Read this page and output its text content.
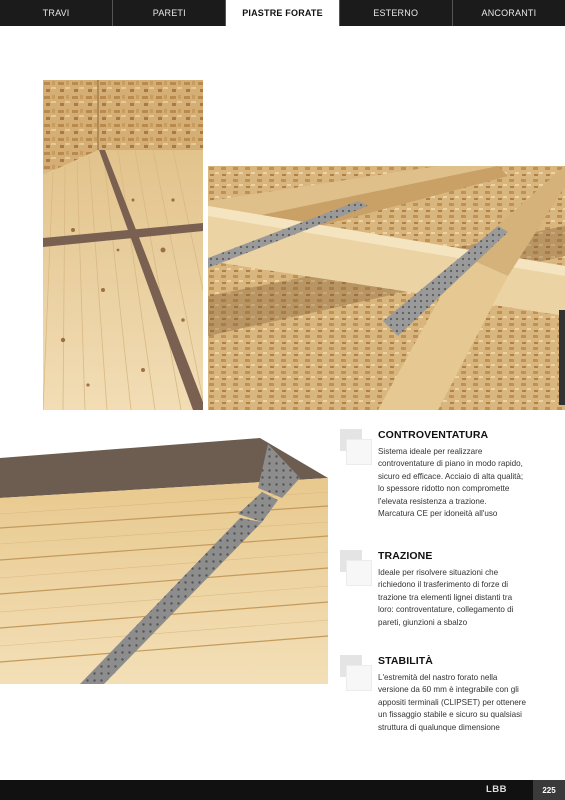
TRAVI	PARETI	PIASTRE FORATE	ESTERNO	ANCORANTI
CONTROVENTATURA
Sistema ideale per realizzare
controventature di piano in modo rapido,
sicuro ed efficace. Acciaio di alta qualità;
lo spessore ridotto non compromette
l'elevata resistenza a trazione.
Marcatura CE per idoneità all'uso
TRAZIONE
Ideale per risolvere situazioni che
richiedono il trasferimento di forze di
trazione tra elementi lignei distanti tra
loro: controventature, collegamento di
pareti, giunzioni a sbalzo
STABILITÀ
L'estremità del nastro forato nella
versione da 60 mm è integrabile con gli
appositi terminali (CLIPSET) per ottenere
un fissaggio stabile e sicuro su qualsiasi
struttura di qualunque dimensione
LBB	225
